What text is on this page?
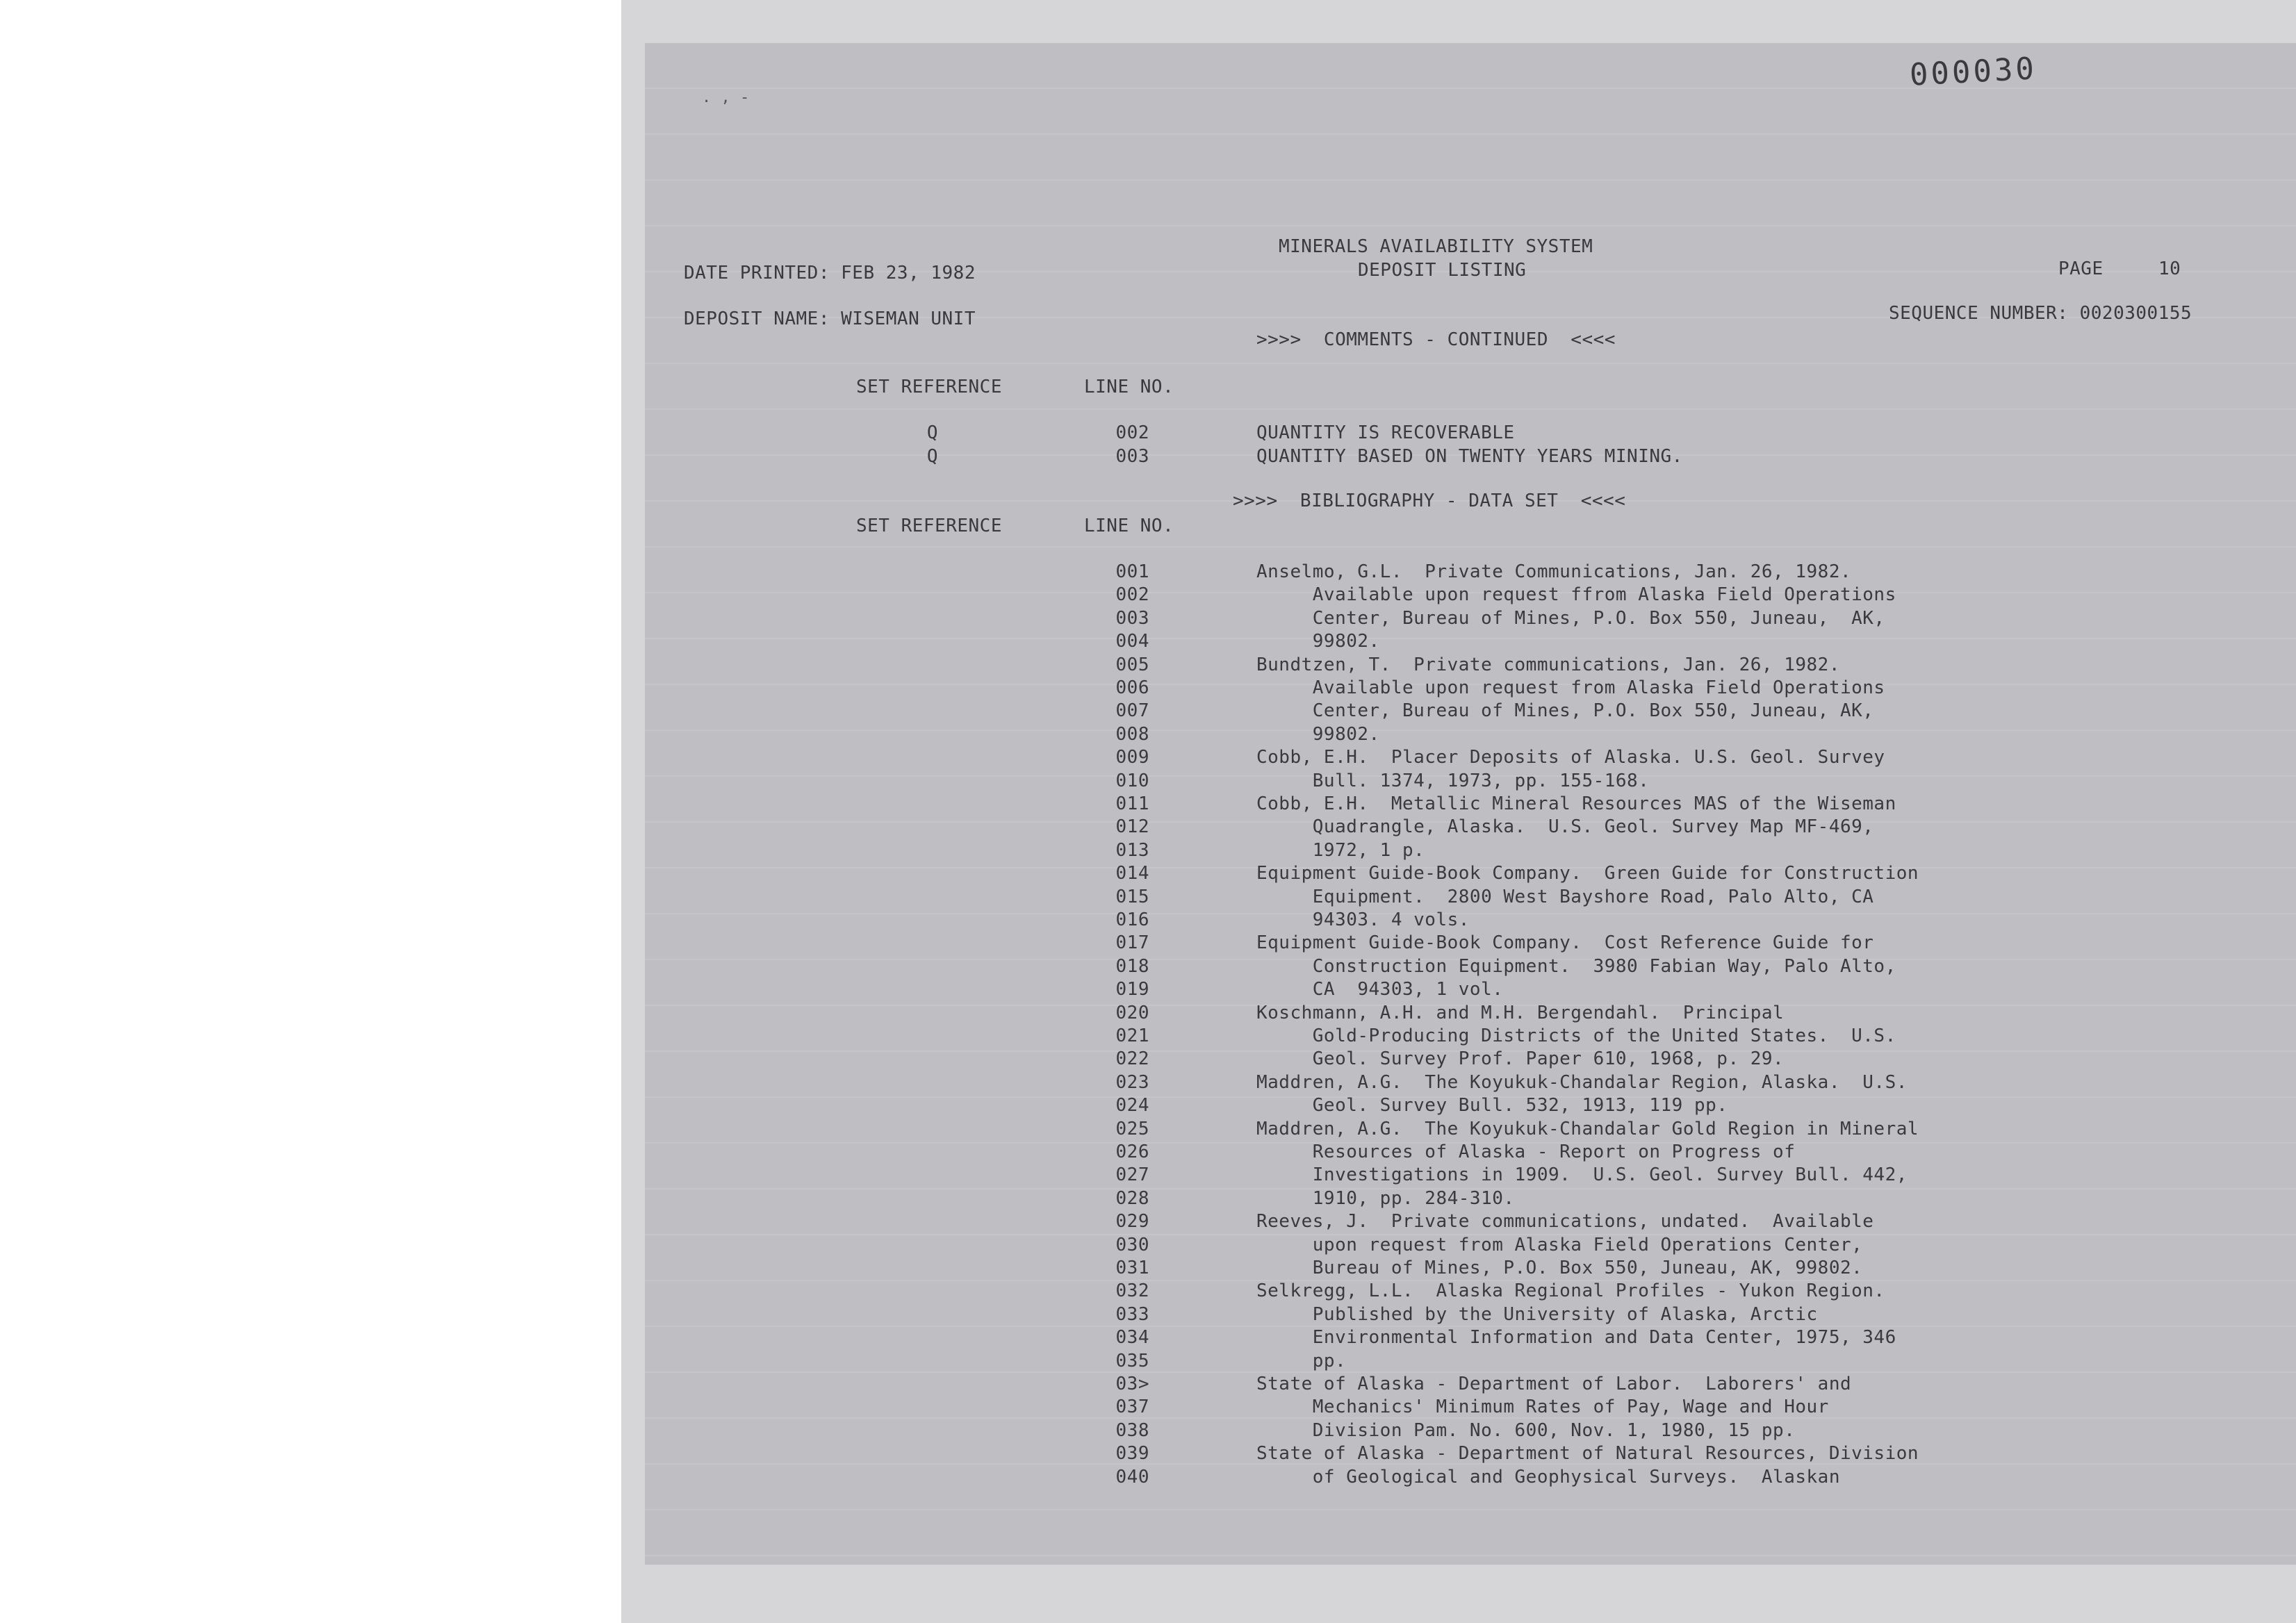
000030
. , -
MINERALS AVAILABILITY SYSTEM
DATE PRINTED: FEB 23, 1982	DEPOSIT LISTING	PAGE	10
DEPOSIT NAME: WISEMAN UNIT	SEQUENCE NUMBER: 0020300155
>>>>  COMMENTS - CONTINUED  <<<<
SET REFERENCE	LINE NO.
Q	002	QUANTITY IS RECOVERABLE
Q	003	QUANTITY BASED ON TWENTY YEARS MINING.
>>>>  BIBLIOGRAPHY - DATA SET  <<<<
SET REFERENCE	LINE NO.
001	Anselmo, G.L.  Private Communications, Jan. 26, 1982.
002	Available upon request ffrom Alaska Field Operations
003	Center, Bureau of Mines, P.O. Box 550, Juneau,  AK,
004	99802.
005	Bundtzen, T.  Private communications, Jan. 26, 1982.
006	Available upon request from Alaska Field Operations
007	Center, Bureau of Mines, P.O. Box 550, Juneau, AK,
008	99802.
009	Cobb, E.H.  Placer Deposits of Alaska. U.S. Geol. Survey
010	Bull. 1374, 1973, pp. 155-168.
011	Cobb, E.H.  Metallic Mineral Resources MAS of the Wiseman
012	Quadrangle, Alaska.  U.S. Geol. Survey Map MF-469,
013	1972, 1 p.
014	Equipment Guide-Book Company.  Green Guide for Construction
015	Equipment.  2800 West Bayshore Road, Palo Alto, CA
016	94303. 4 vols.
017	Equipment Guide-Book Company.  Cost Reference Guide for
018	Construction Equipment.  3980 Fabian Way, Palo Alto,
019	CA  94303, 1 vol.
020	Koschmann, A.H. and M.H. Bergendahl.  Principal
021	Gold-Producing Districts of the United States.  U.S.
022	Geol. Survey Prof. Paper 610, 1968, p. 29.
023	Maddren, A.G.  The Koyukuk-Chandalar Region, Alaska.  U.S.
024	Geol. Survey Bull. 532, 1913, 119 pp.
025	Maddren, A.G.  The Koyukuk-Chandalar Gold Region in Mineral
026	Resources of Alaska - Report on Progress of
027	Investigations in 1909.  U.S. Geol. Survey Bull. 442,
028	1910, pp. 284-310.
029	Reeves, J.  Private communications, undated.  Available
030	upon request from Alaska Field Operations Center,
031	Bureau of Mines, P.O. Box 550, Juneau, AK, 99802.
032	Selkregg, L.L.  Alaska Regional Profiles - Yukon Region.
033	Published by the University of Alaska, Arctic
034	Environmental Information and Data Center, 1975, 346
035	pp.
03>	State of Alaska - Department of Labor.  Laborers' and
037	Mechanics' Minimum Rates of Pay, Wage and Hour
038	Division Pam. No. 600, Nov. 1, 1980, 15 pp.
039	State of Alaska - Department of Natural Resources, Division
040	of Geological and Geophysical Surveys.  Alaskan
